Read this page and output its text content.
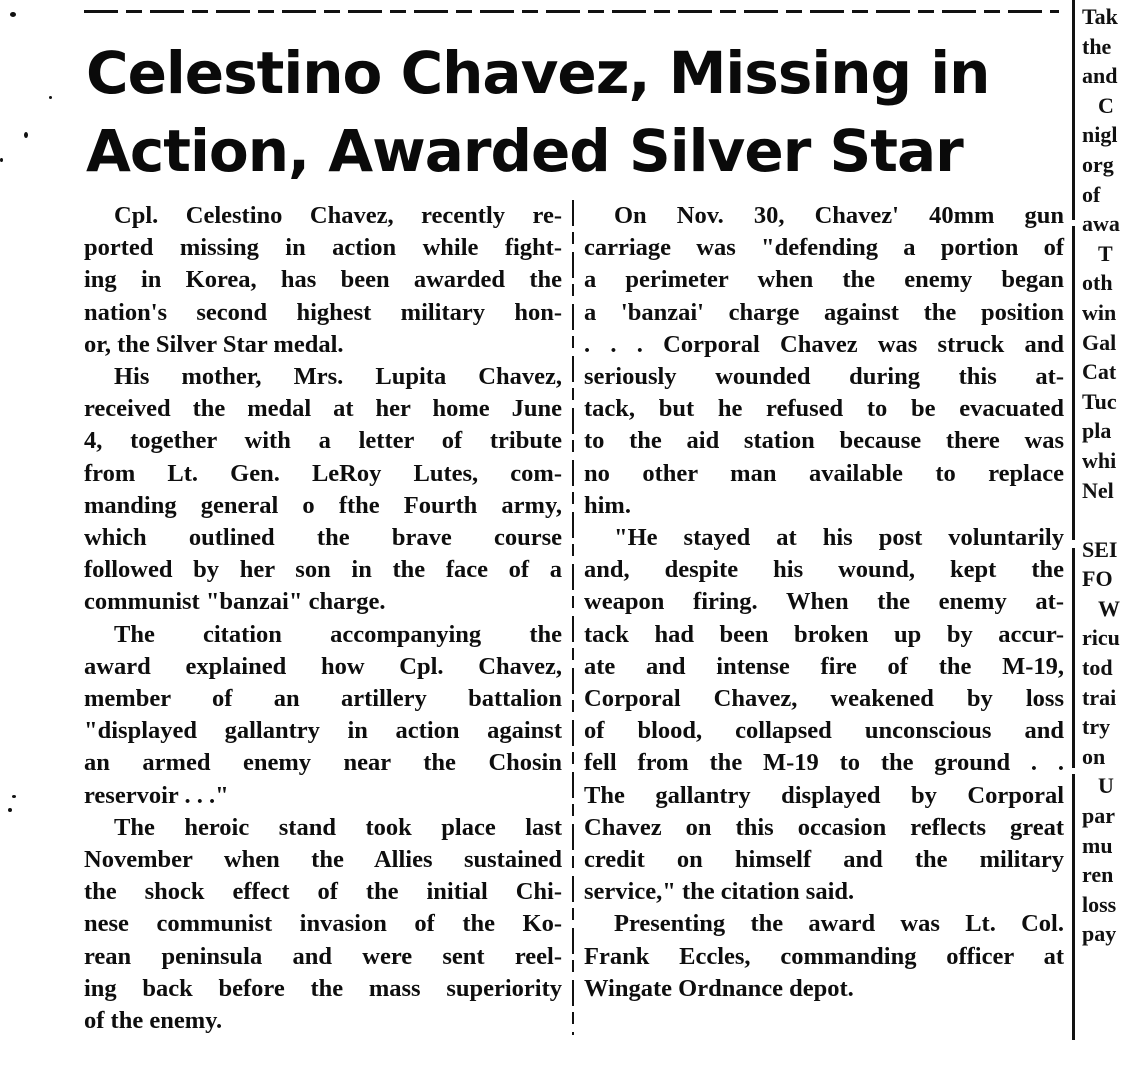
Celestino Chavez, Missing in
Action, Awarded Silver Star
Cpl. Celestino Chavez, recently re-
ported missing in action while fight-
ing in Korea, has been awarded the
nation's second highest military hon-
or, the Silver Star medal.
His mother, Mrs. Lupita Chavez,
received the medal at her home June
4, together with a letter of tribute
from Lt. Gen. LeRoy Lutes, com-
manding general o fthe Fourth army,
which outlined the brave course
followed by her son in the face of a
communist "banzai" charge.
The citation accompanying the
award explained how Cpl. Chavez,
member of an artillery battalion
"displayed gallantry in action against
an armed enemy near the Chosin
reservoir . . ."
The heroic stand took place last
November when the Allies sustained
the shock effect of the initial Chi-
nese communist invasion of the Ko-
rean peninsula and were sent reel-
ing back before the mass superiority
of the enemy.
On Nov. 30, Chavez' 40mm gun
carriage was "defending a portion of
a perimeter when the enemy began
a 'banzai' charge against the position
. . . Corporal Chavez was struck and
seriously wounded during this at-
tack, but he refused to be evacuated
to the aid station because there was
no other man available to replace
him.
"He stayed at his post voluntarily
and, despite his wound, kept the
weapon firing. When the enemy at-
tack had been broken up by accur-
ate and intense fire of the M-19,
Corporal Chavez, weakened by loss
of blood, collapsed unconscious and
fell from the M-19 to the ground . .
The gallantry displayed by Corporal
Chavez on this occasion reflects great
credit on himself and the military
service," the citation said.
Presenting the award was Lt. Col.
Frank Eccles, commanding officer at
Wingate Ordnance depot.
Tak
the
and
C
nigl
org
of
awa
T
oth
win
Gal
Cat
Tuc
pla
whi
Nel
SEI
FO
W
ricu
tod
trai
try
on
U
par
mu
ren
loss
pay
